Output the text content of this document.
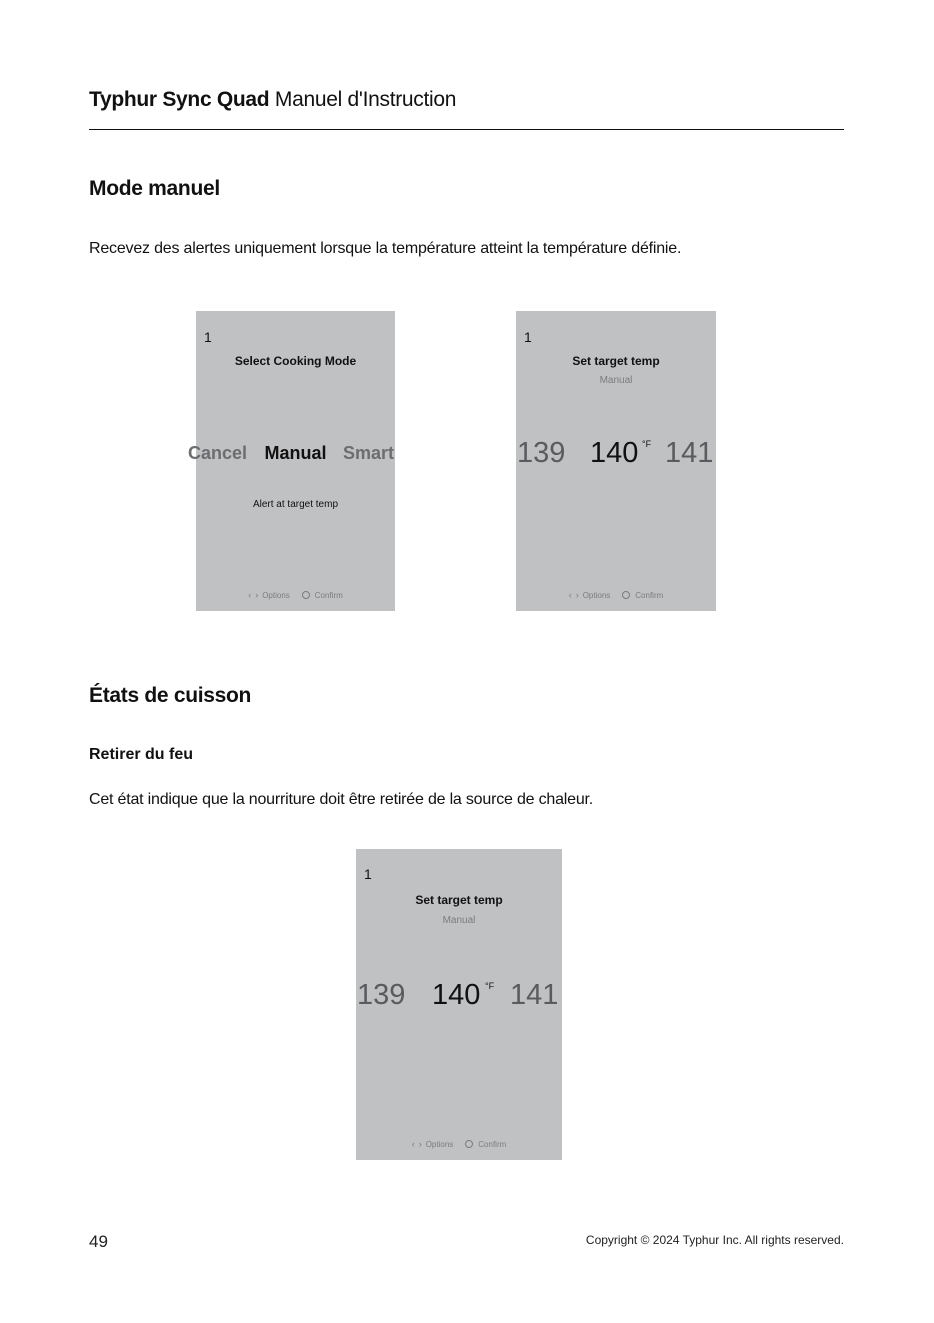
Typhur Sync Quad Manuel d'Instruction
Mode manuel
Recevez des alertes uniquement lorsque la température atteint la température définie.
1
Select Cooking Mode
Cancel Manual Smart
Alert at target temp
‹ › Options	Confirm
1
Set target temp
Manual
139 140 °F 141
‹ › Options	Confirm
États de cuisson
Retirer du feu
Cet état indique que la nourriture doit être retirée de la source de chaleur.
1
Set target temp
Manual
139 140 °F 141
‹ › Options	Confirm
49	Copyright © 2024 Typhur Inc. All rights reserved.
